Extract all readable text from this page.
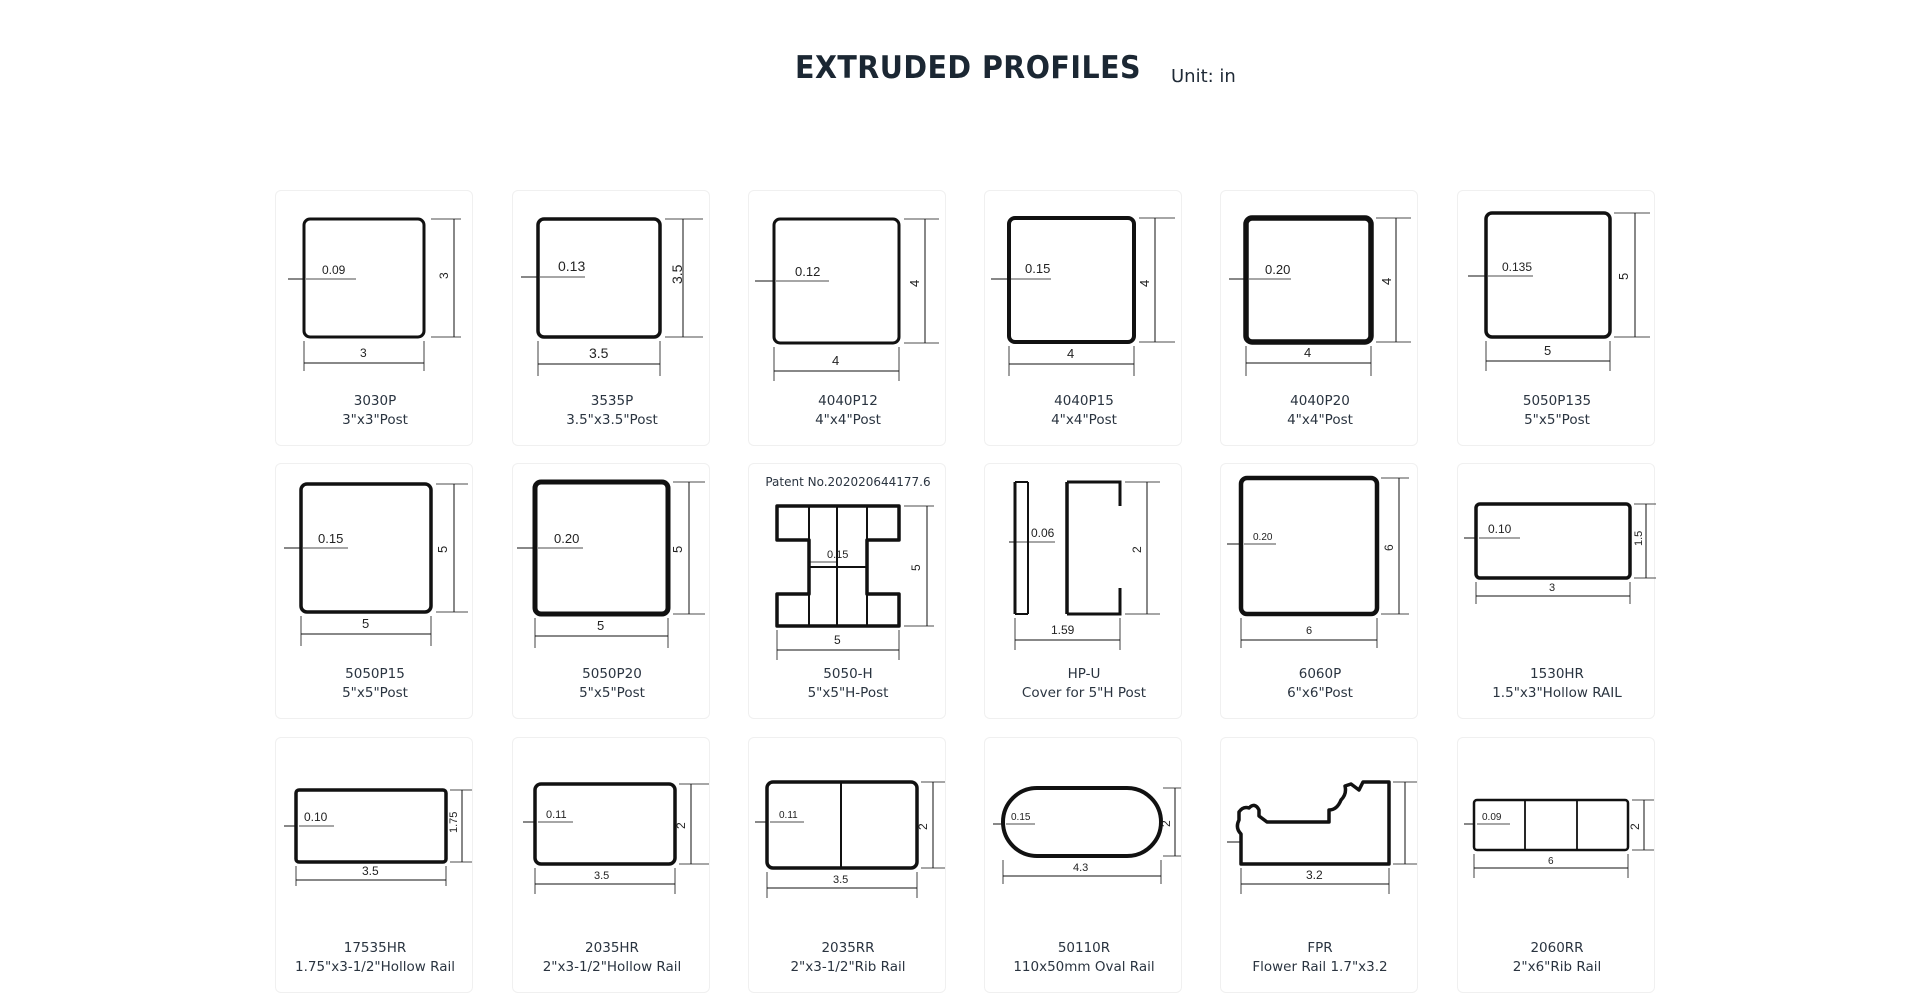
EXTRUDED PROFILES Unit: in
0.09	3
3
3030P
3"x3"Post
0.13	3.5
3.5
3535P
3.5"x3.5"Post
0.12
4
4
4040P12
4"x4"Post
0.15
4
4
4040P15
4"x4"Post
0.20
4
4
4040P20
4"x4"Post
0.135
5
5
5050P135
5"x5"Post
0.15
5
5
5050P15
5"x5"Post
0.20
5
5
5050P20
5"x5"Post
Patent No.202020644177.6
0.15
5
5
5050-H
5"x5"H-Post
0.06
2
1.59
HP-U
Cover for 5"H Post
0.20
6
6
6060P
6"x6"Post
0.10
1.5
3
1530HR
1.5"x3"Hollow RAIL
0.10	1.75
3.5
17535HR
1.75"x3-1/2"Hollow Rail
0.11
2
3.5
2035HR
2"x3-1/2"Hollow Rail
0.11
2
3.5
2035RR
2"x3-1/2"Rib Rail
0.15
2
4.3
50110R
110x50mm Oval Rail
3.2
FPR
Flower Rail 1.7"x3.2
0.09
2
6
2060RR
2"x6"Rib Rail
